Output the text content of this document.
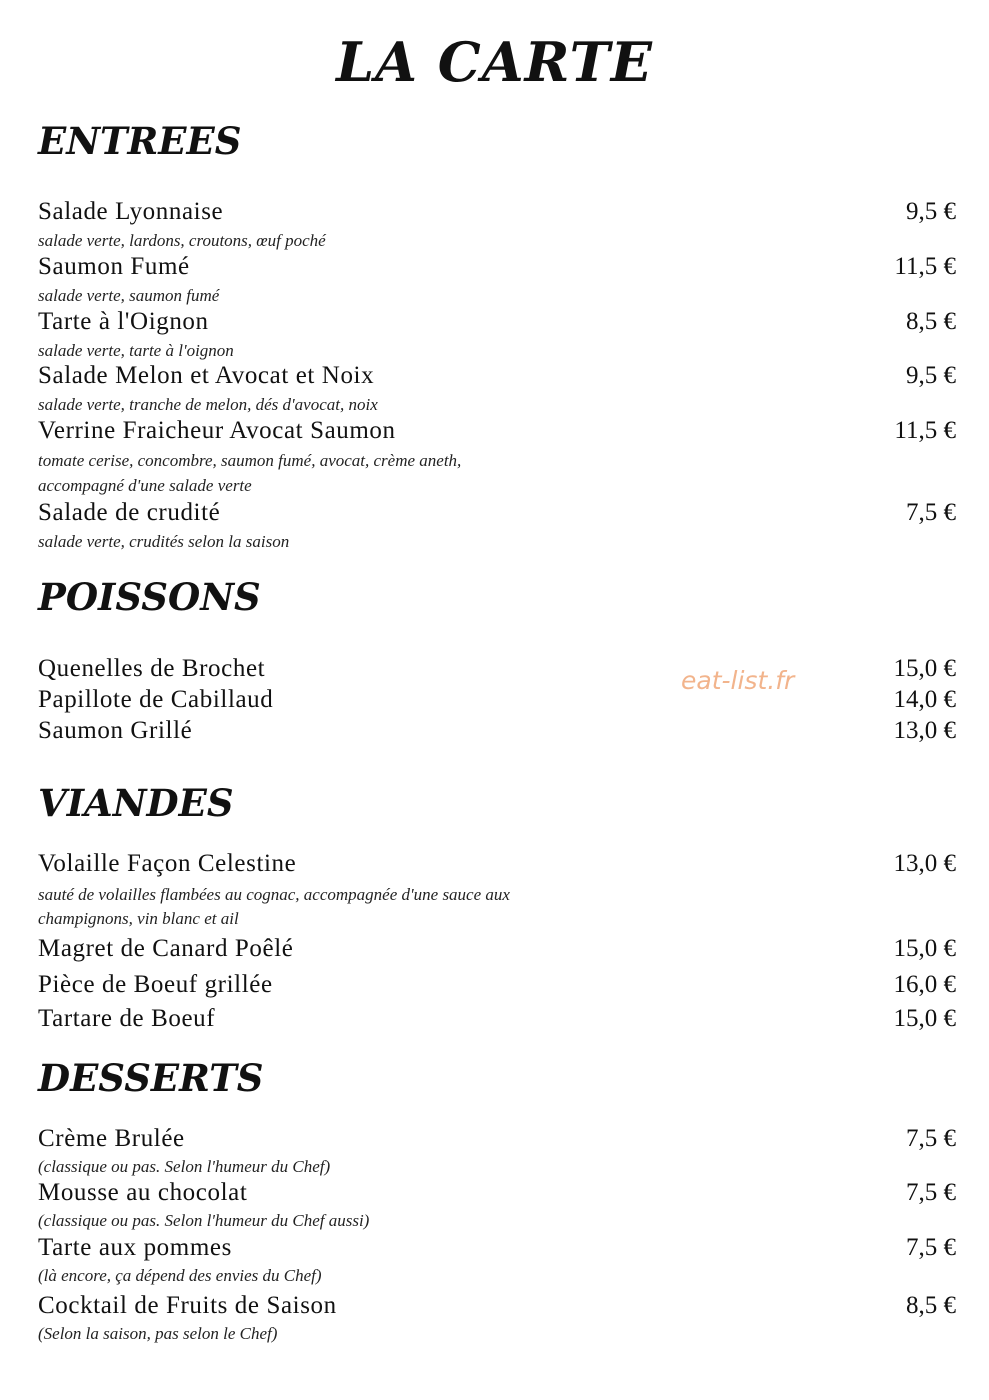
LA CARTE
ENTREES
Salade Lyonnaise	9,5 €
salade verte, lardons, croutons, œuf poché
Saumon Fumé	11,5 €
salade verte, saumon fumé
Tarte à l'Oignon	8,5 €
salade verte, tarte à l'oignon
Salade Melon et Avocat et Noix	9,5 €
salade verte, tranche de melon, dés d'avocat, noix
Verrine Fraicheur Avocat Saumon	11,5 €
tomate cerise, concombre, saumon fumé, avocat, crème aneth,
accompagné d'une salade verte
Salade de crudité	7,5 €
salade verte, crudités selon la saison
POISSONS
Quenelles de Brochet	15,0 €
Papillote de Cabillaud	14,0 €
Saumon Grillé	13,0 €
eat-list.fr
VIANDES
Volaille Façon Celestine	13,0 €
sauté de volailles flambées au cognac, accompagnée d'une sauce aux
champignons, vin blanc et ail
Magret de Canard Poêlé	15,0 €
Pièce de Boeuf grillée	16,0 €
Tartare de Boeuf	15,0 €
DESSERTS
Crème Brulée	7,5 €
(classique ou pas. Selon l'humeur du Chef)
Mousse au chocolat	7,5 €
(classique ou pas. Selon l'humeur du Chef aussi)
Tarte aux pommes	7,5 €
(là encore, ça dépend des envies du Chef)
Cocktail de Fruits de Saison	8,5 €
(Selon la saison, pas selon le Chef)
